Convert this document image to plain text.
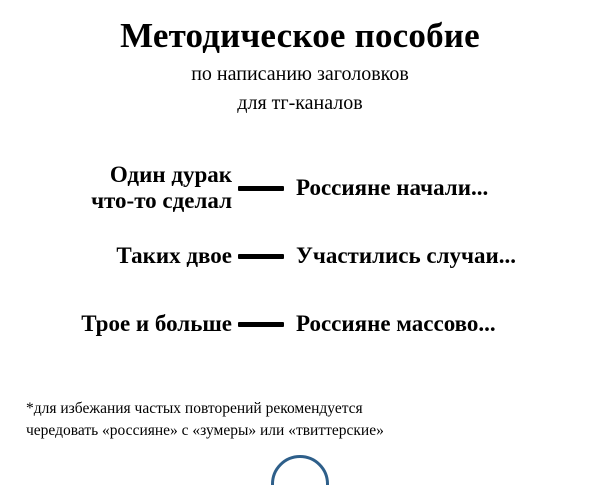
Методическое пособие
по написанию заголовков
для тг-каналов
Один дурак
что-то сделал
Россияне начали...
Таких двое	Участились случаи...
Трое и больше	Россияне массово...
*для избежания частых повторений рекомендуется
чередовать «россияне» с «зумеры» или «твиттерские»
